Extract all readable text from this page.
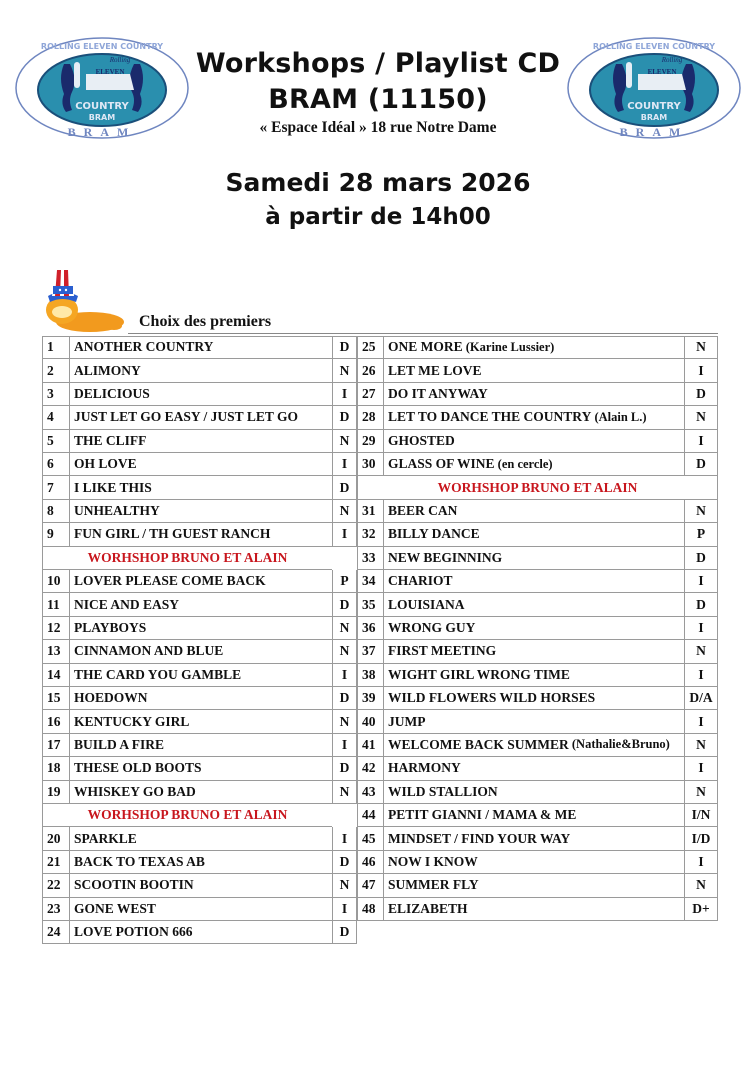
ELEVEN
Rolling
COUNTRY
BRAM
ROLLING ELEVEN COUNTRY
BRAM
ELEVEN
Rolling
COUNTRY
BRAM
ROLLING ELEVEN COUNTRY
BRAM
Workshops / Playlist CD
BRAM (11150)
« Espace Idéal » 18 rue Notre Dame
Samedi 28 mars 2026
à partir de 14h00
Choix des premiers
1	ANOTHER COUNTRY	D
2	ALIMONY	N
3	DELICIOUS	I
4	JUST LET GO EASY / JUST LET GO	D
5	THE CLIFF	N
6	OH LOVE	I
7	I LIKE THIS	D
8	UNHEALTHY	N
9	FUN GIRL / TH GUEST RANCH	I
WORHSHOP BRUNO ET ALAIN
10	LOVER PLEASE COME BACK	P
11	NICE AND EASY	D
12	PLAYBOYS	N
13	CINNAMON AND BLUE	N
14	THE CARD YOU GAMBLE	I
15	HOEDOWN	D
16	KENTUCKY GIRL	N
17	BUILD A FIRE	I
18	THESE OLD BOOTS	D
19	WHISKEY GO BAD	N
WORHSHOP BRUNO ET ALAIN
20	SPARKLE	I
21	BACK TO TEXAS AB	D
22	SCOOTIN BOOTIN	N
23	GONE WEST	I
24	LOVE POTION 666	D
25 ONE MORE (Karine Lussier)	N
26 LET ME LOVE	I
27 DO IT ANYWAY	D
28 LET TO DANCE THE COUNTRY (Alain L.)	N
29 GHOSTED	I
30 GLASS OF WINE (en cercle)	D
WORHSHOP BRUNO ET ALAIN
31 BEER CAN	N
32 BILLY DANCE	P
33 NEW BEGINNING	D
34 CHARIOT	I
35 LOUISIANA	D
36 WRONG GUY	I
37 FIRST MEETING	N
38 WIGHT GIRL WRONG TIME	I
39 WILD FLOWERS WILD HORSES	D/A
40 JUMP	I
41 WELCOME BACK SUMMER (Nathalie&Bruno)	N
42 HARMONY	I
43 WILD STALLION	N
44 PETIT GIANNI / MAMA & ME	I/N
45 MINDSET / FIND YOUR WAY	I/D
46 NOW I KNOW	I
47 SUMMER FLY	N
48 ELIZABETH	D+
